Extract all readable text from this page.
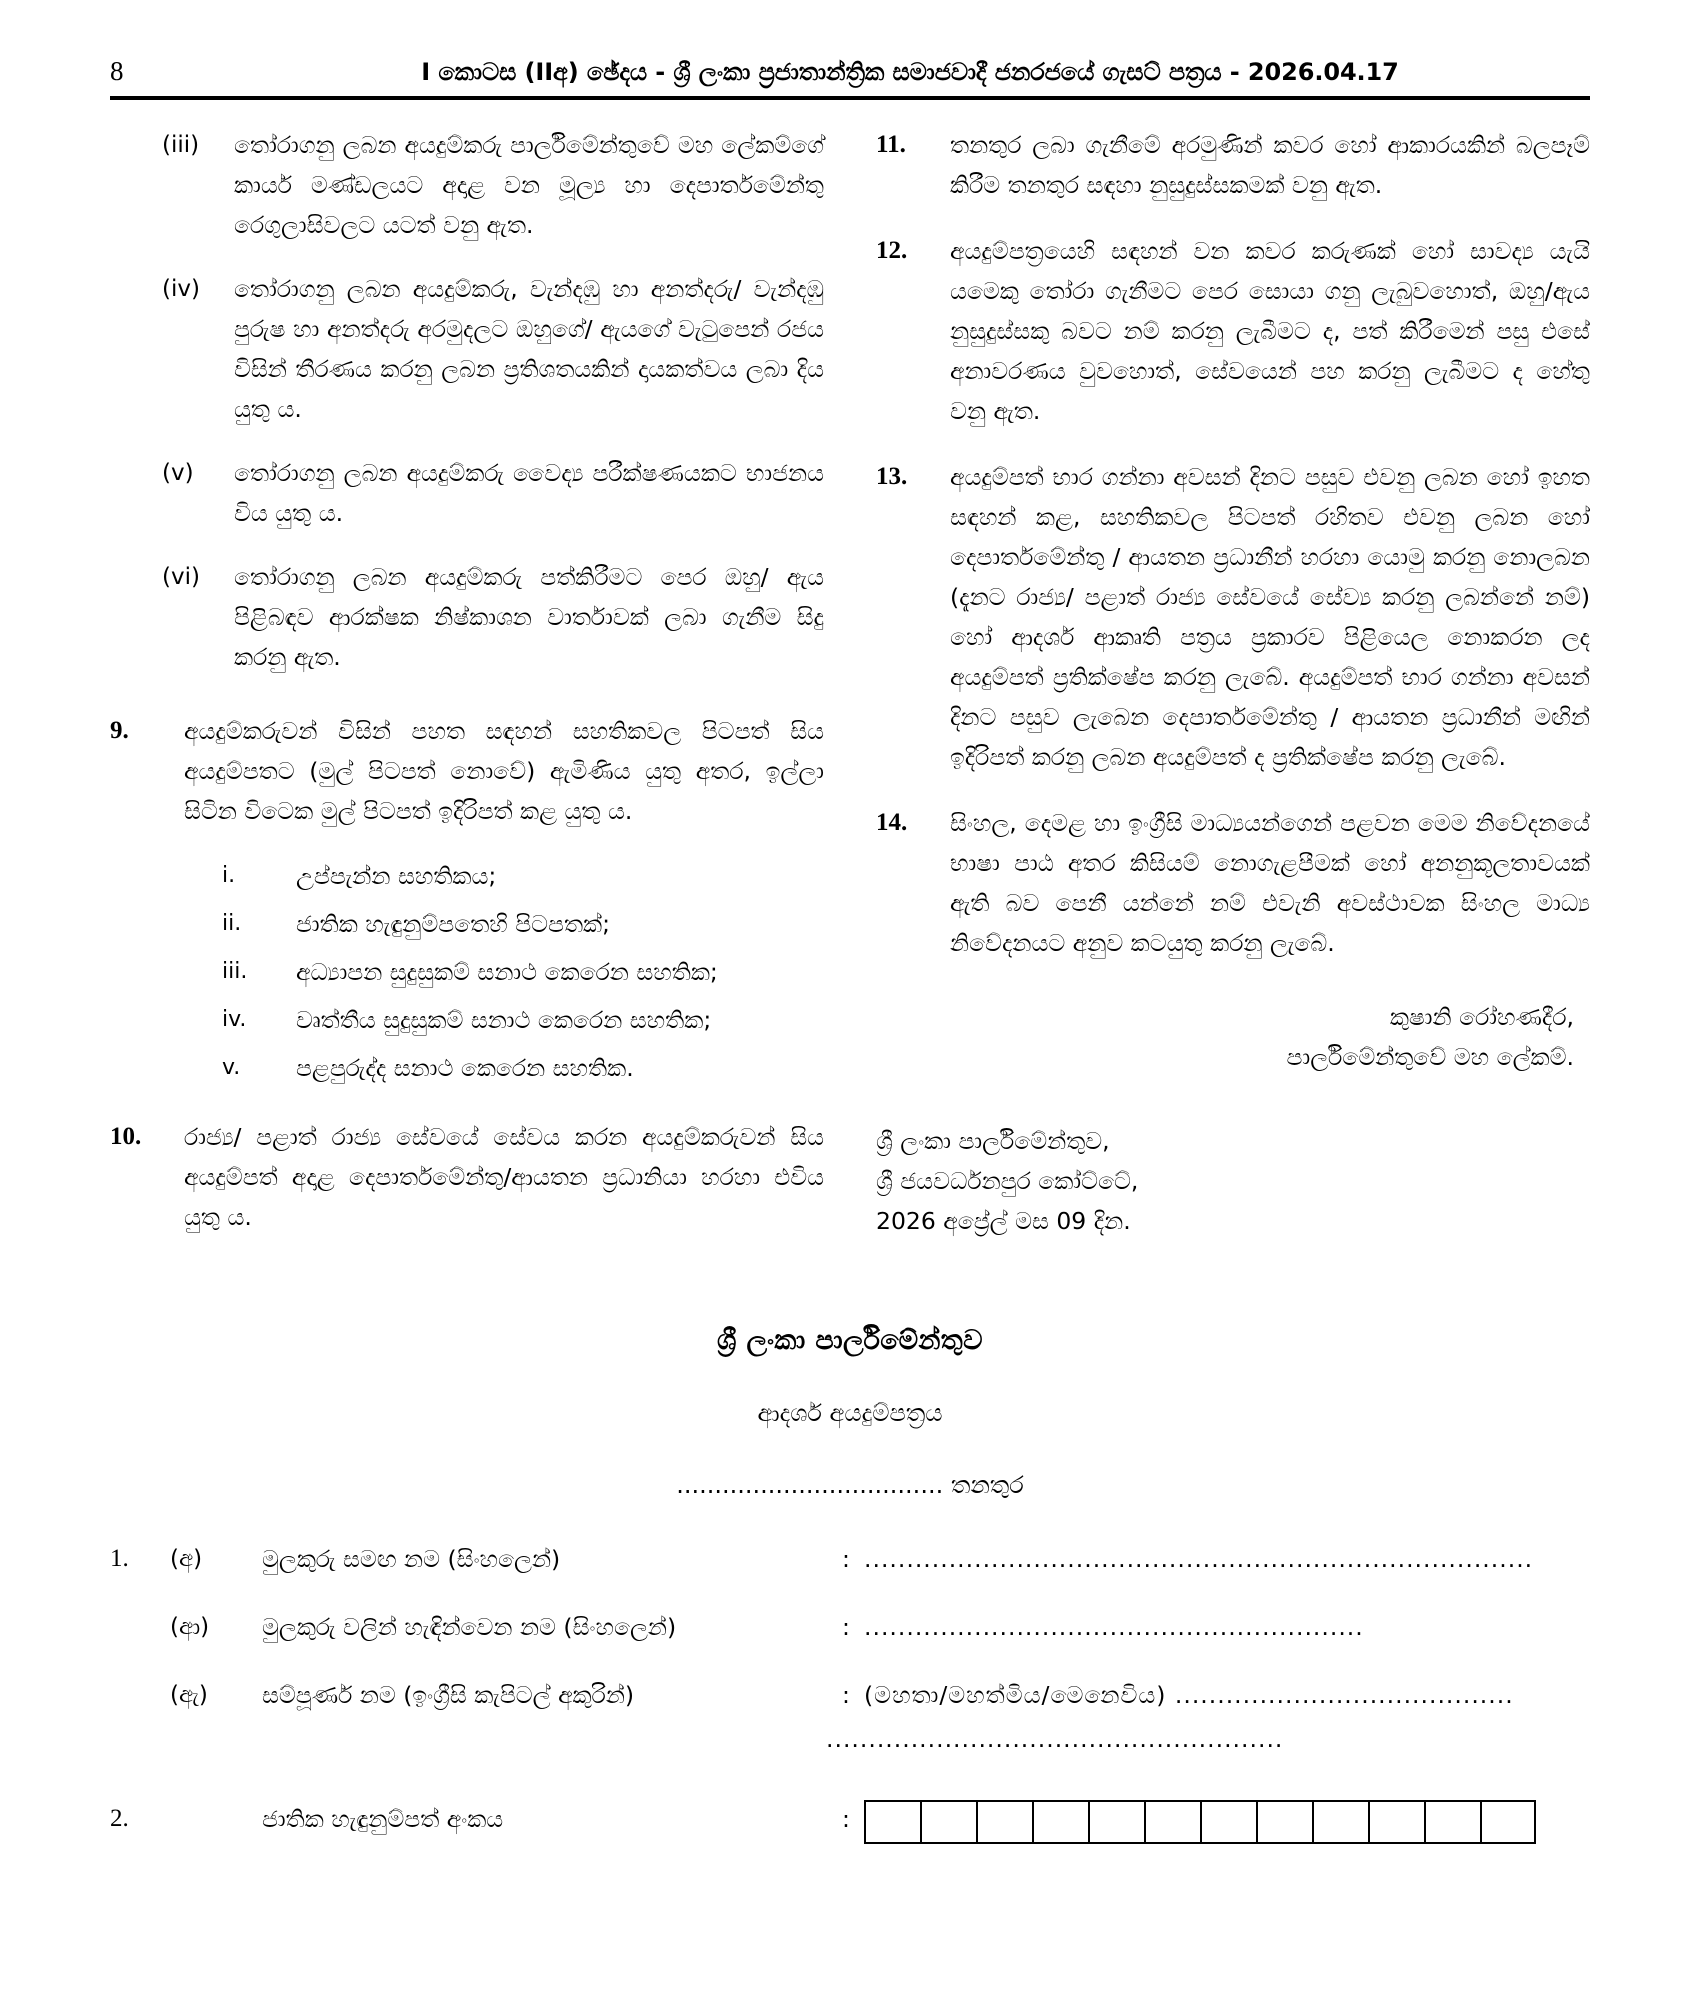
8	I කොටස (IIඅ) ඡේදය - ශ්‍රී ලංකා ප්‍රජාතාන්ත්‍රික සමාජවාදී ජනරජයේ ගැසට් පත්‍රය - 2026.04.17
(iii)	තෝරාගනු ලබන අයදුම්කරු පාර්ලිමේන්තුවේ මහ ලේකම්ගේ කාර්ය මණ්ඩලයට අදාළ වන මූල්‍ය හා දෙපාර්තමේන්තු රෙගුලාසිවලට යටත් වනු ඇත.
(iv)	තෝරාගනු ලබන අයදුම්කරු, වැන්දඹු හා අනත්දරු/ වැන්දඹු පුරුෂ හා අනත්දරු අරමුදලට ඔහුගේ/ ඇයගේ වැටුපෙන් රජය විසින් තීරණය කරනු ලබන ප්‍රතිශතයකින් දායකත්වය ලබා දිය යුතු ය.
(v)	තෝරාගනු ලබන අයදුම්කරු වෛද්‍ය පරීක්ෂණයකට භාජනය විය යුතු ය.
(vi)	තෝරාගනු ලබන අයදුම්කරු පත්කිරීමට පෙර ඔහු/ ඇය පිළිබඳව ආරක්ෂක නිෂ්කාශන වාර්තාවක් ලබා ගැනීම සිදු කරනු ඇත.
9.	අයදුම්කරුවන් විසින් පහත සඳහන් සහතිකවල පිටපත් සිය අයදුම්පතට (මුල් පිටපත් නොවේ) ඇමිණිය යුතු අතර, ඉල්ලා සිටින විටෙක මුල් පිටපත් ඉදිරිපත් කළ යුතු ය.
i.	උප්පැන්න සහතිකය;
ii.	ජාතික හැඳුනුම්පතෙහි පිටපතක්;
iii.	අධ්‍යාපන සුදුසුකම් සනාථ කෙරෙන සහතික;
iv.	වෘත්තීය සුදුසුකම් සනාථ කෙරෙන සහතික;
v.	පළපුරුද්ද සනාථ කෙරෙන සහතික.
10.	රාජ්‍ය/ පළාත් රාජ්‍ය සේවයේ සේවය කරන අයදුම්කරුවන් සිය අයදුම්පත් අදාළ දෙපාර්තමේන්තු/ආයතන ප්‍රධානියා හරහා එවිය යුතු ය.
11.	තනතුර ලබා ගැනීමේ අරමුණින් කවර හෝ ආකාරයකින් බලපෑම් කිරීම තනතුර සඳහා නුසුදුස්සකමක් වනු ඇත.
12.	අයදුම්පත්‍රයෙහි සඳහන් වන කවර කරුණක් හෝ සාවද්‍ය යැයි යමෙකු තෝරා ගැනීමට පෙර සොයා ගනු ලැබුවහොත්, ඔහු/ඇය නුසුදුස්සකු බවට නම් කරනු ලැබීමට ද, පත් කිරීමෙන් පසු එසේ අනාවරණය වුවහොත්, සේවයෙන් පහ කරනු ලැබීමට ද හේතු වනු ඇත.
13.	අයදුම්පත් භාර ගන්නා අවසන් දිනට පසුව එවනු ලබන හෝ ඉහත සඳහන් කළ, සහතිකවල පිටපත් රහිතව එවනු ලබන හෝ දෙපාර්තමේන්තු / ආයතන ප්‍රධානීන් හරහා යොමු කරනු නොලබන (දැනට රාජ්‍ය/ පළාත් රාජ්‍ය සේවයේ සේව්‍ය කරනු ලබන්නේ නම්) හෝ ආදර්ශ ආකෘති පත්‍රය ප්‍රකාරව පිළියෙල නොකරන ලද අයදුම්පත් ප්‍රතික්ෂේප කරනු ලැබේ. අයදුම්පත් භාර ගන්නා අවසන් දිනට පසුව ලැබෙන දෙපාර්තමේන්තු / ආයතන ප්‍රධානීන් මඟින් ඉදිරිපත් කරනු ලබන අයදුම්පත් ද ප්‍රතික්ෂේප කරනු ලැබේ.
14.	සිංහල, දෙමළ හා ඉංග්‍රීසි මාධ්‍යයන්ගෙන් පළවන මෙම නිවේදනයේ භාෂා පාඨ අතර කිසියම් නොගැළපීමක් හෝ අනනුකූලතාවයක් ඇති බව පෙනී යන්නේ නම් එවැනි අවස්ථාවක සිංහල මාධ්‍ය නිවේදනයට අනුව කටයුතු කරනු ලැබේ.
කුෂානි රෝහණදීර,
පාර්ලිමේන්තුවේ මහ ලේකම්.
ශ්‍රී ලංකා පාර්ලිමේන්තුව,
ශ්‍රී ජයවර්ධනපුර කෝට්ටේ,
2026 අප්‍රේල් මස 09 දින.
ශ්‍රී ලංකා පාර්ලිමේන්තුව
ආදර්ශ අයදුම්පත්‍රය
................................... තනතුර
1.	(අ)	මුලකුරු සමඟ නම (සිංහලෙන්)	: ...............................................................................
(ආ)	මුලකුරු වලින් හැඳින්වෙන නම (සිංහලෙන්)	: ...........................................................
(ඇ)	සම්පූර්ණ නම (ඉංග්‍රීසි කැපිටල් අකුරින්)	: (මහතා/මහත්මිය/මෙනෙවිය) ........................................
......................................................
2.	ජාතික හැඳුනුම්පත් අංකය	:
